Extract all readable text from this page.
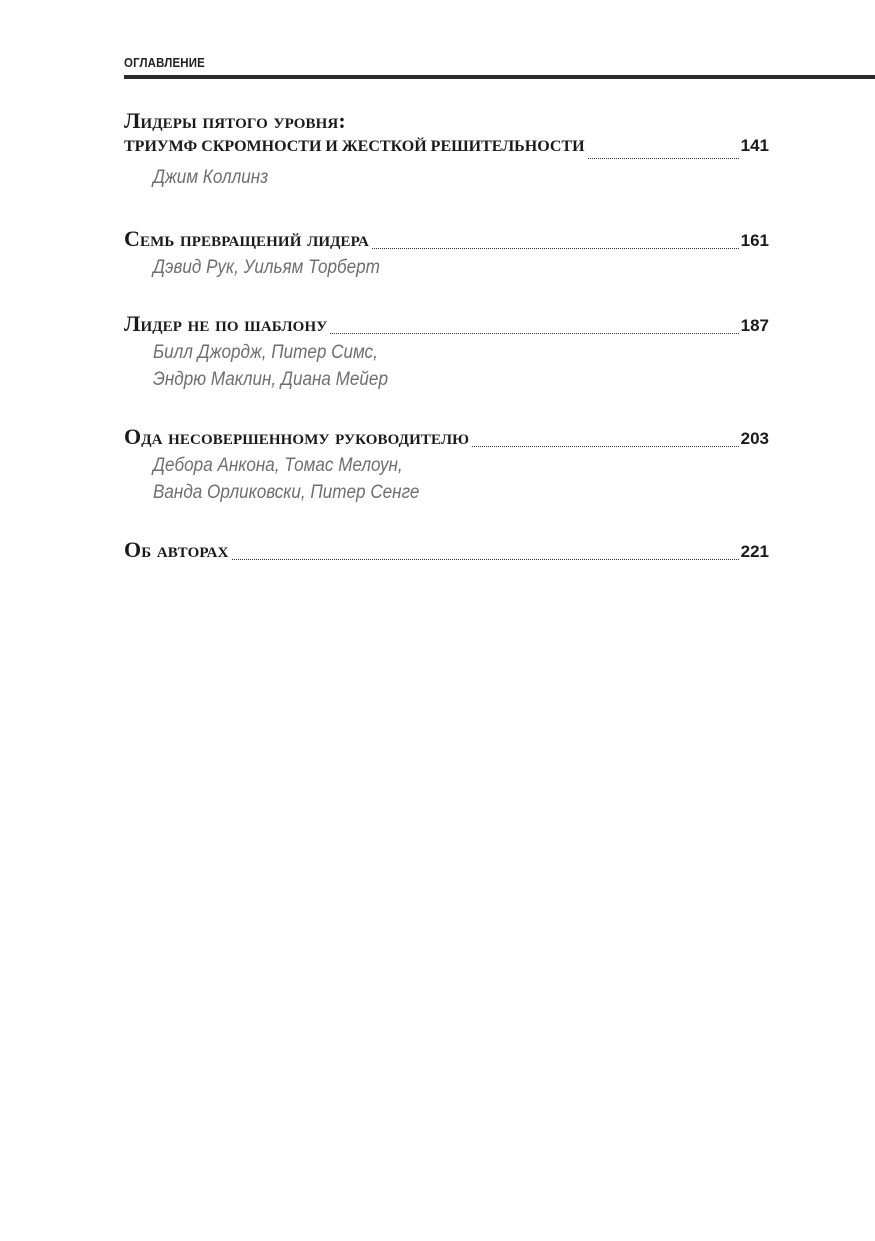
ОГЛАВЛЕНИЕ
Лидеры пятого уровня:
ТРИУМФ СКРОМНОСТИ И ЖЕСТКОЙ РЕШИТЕЛЬНОСТИ	141
Джим Коллинз
Семь превращений лидера	161
Дэвид Рук, Уильям Торберт
Лидер не по шаблону	187
Билл Джордж, Питер Симс,
Эндрю Маклин, Диана Мейер
Ода несовершенному руководителю	203
Дебора Анкона, Томас Мелоун,
Ванда Орликовски, Питер Сенге
Об авторах	221
